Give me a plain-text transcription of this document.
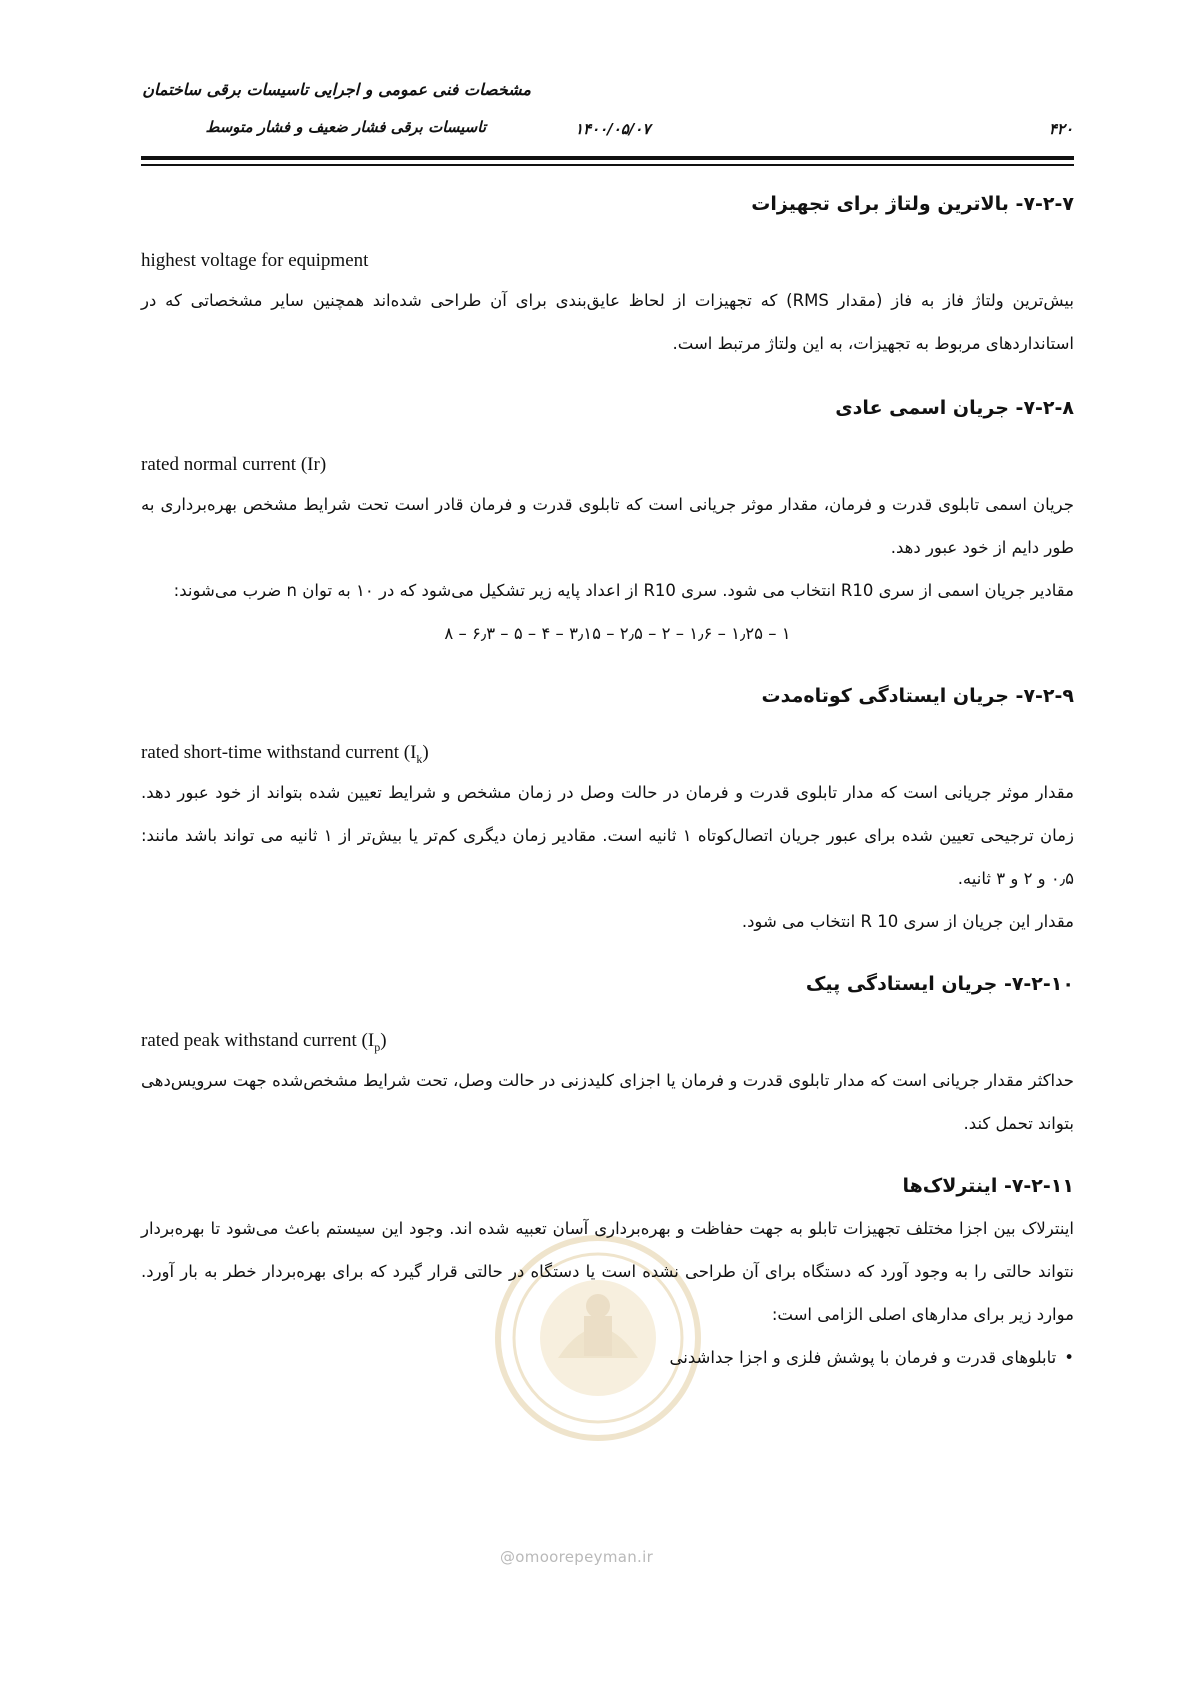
مشخصات فنی عمومی و اجرایی تاسیسات برقی ساختمان
تاسیسات برقی فشار ضعیف و فشار متوسط	۱۴۰۰/۰۵/۰۷	۴۲۰
@omoorepeyman.ir
۷-۲-۷- بالاترین ولتاژ برای تجهیزات
highest voltage for equipment

بیش‌ترین ولتاژ فاز به فاز (مقدار RMS) که تجهیزات از لحاظ عایق‌بندی برای آن طراحی شده‌اند همچنین سایر مشخصاتی که در استانداردهای مربوط به تجهیزات، به این ولتاژ مرتبط است.

۷-۲-۸- جریان اسمی عادی
rated normal current (Ir)

جریان اسمی تابلوی قدرت و فرمان، مقدار موثر جریانی است که تابلوی قدرت و فرمان قادر است تحت شرایط مشخص بهره‌برداری به طور دایم از خود عبور دهد.

مقادیر جریان اسمی از سری R10 انتخاب می شود. سری R10 از اعداد پایه زیر تشکیل می‌شود که در ۱۰ به توان n ضرب می‌شوند:

۱ – ۱٫۲۵ – ۱٫۶ – ۲ – ۲٫۵ – ۳٫۱۵ – ۴ – ۵ – ۶٫۳ – ۸
۷-۲-۹- جریان ایستادگی کوتاه‌مدت
rated short-time withstand current $(I_k)$

مقدار موثر جریانی است که مدار تابلوی قدرت و فرمان در حالت وصل در زمان مشخص و شرایط تعیین شده بتواند از خود عبور دهد. زمان ترجیحی تعیین شده برای عبور جریان اتصال‌کوتاه ۱ ثانیه است. مقادیر زمان دیگری کم‌تر یا بیش‌تر از ۱ ثانیه می تواند باشد مانند: ۰٫۵ و ۲ و ۳ ثانیه.

مقدار این جریان از سری R 10 انتخاب می شود.

۷-۲-۱۰- جریان ایستادگی پیک
rated peak withstand current $(I_p)$

حداکثر مقدار جریانی است که مدار تابلوی قدرت و فرمان یا اجزای کلیدزنی در حالت وصل، تحت شرایط مشخص‌شده جهت سرویس‌دهی بتواند تحمل کند.

۷-۲-۱۱- اینترلاک‌ها

اینترلاک بین اجزا مختلف تجهیزات تابلو به جهت حفاظت و بهره‌برداری آسان تعبیه شده اند. وجود این سیستم باعث می‌شود تا بهره‌بردار نتواند حالتی را به وجود آورد که دستگاه برای آن طراحی نشده است یا دستگاه در حالتی قرار گیرد که برای بهره‌بردار خطر به بار آورد. موارد زیر برای مدارهای اصلی الزامی است:

•تابلوهای قدرت و فرمان با پوشش فلزی و اجزا جداشدنی
